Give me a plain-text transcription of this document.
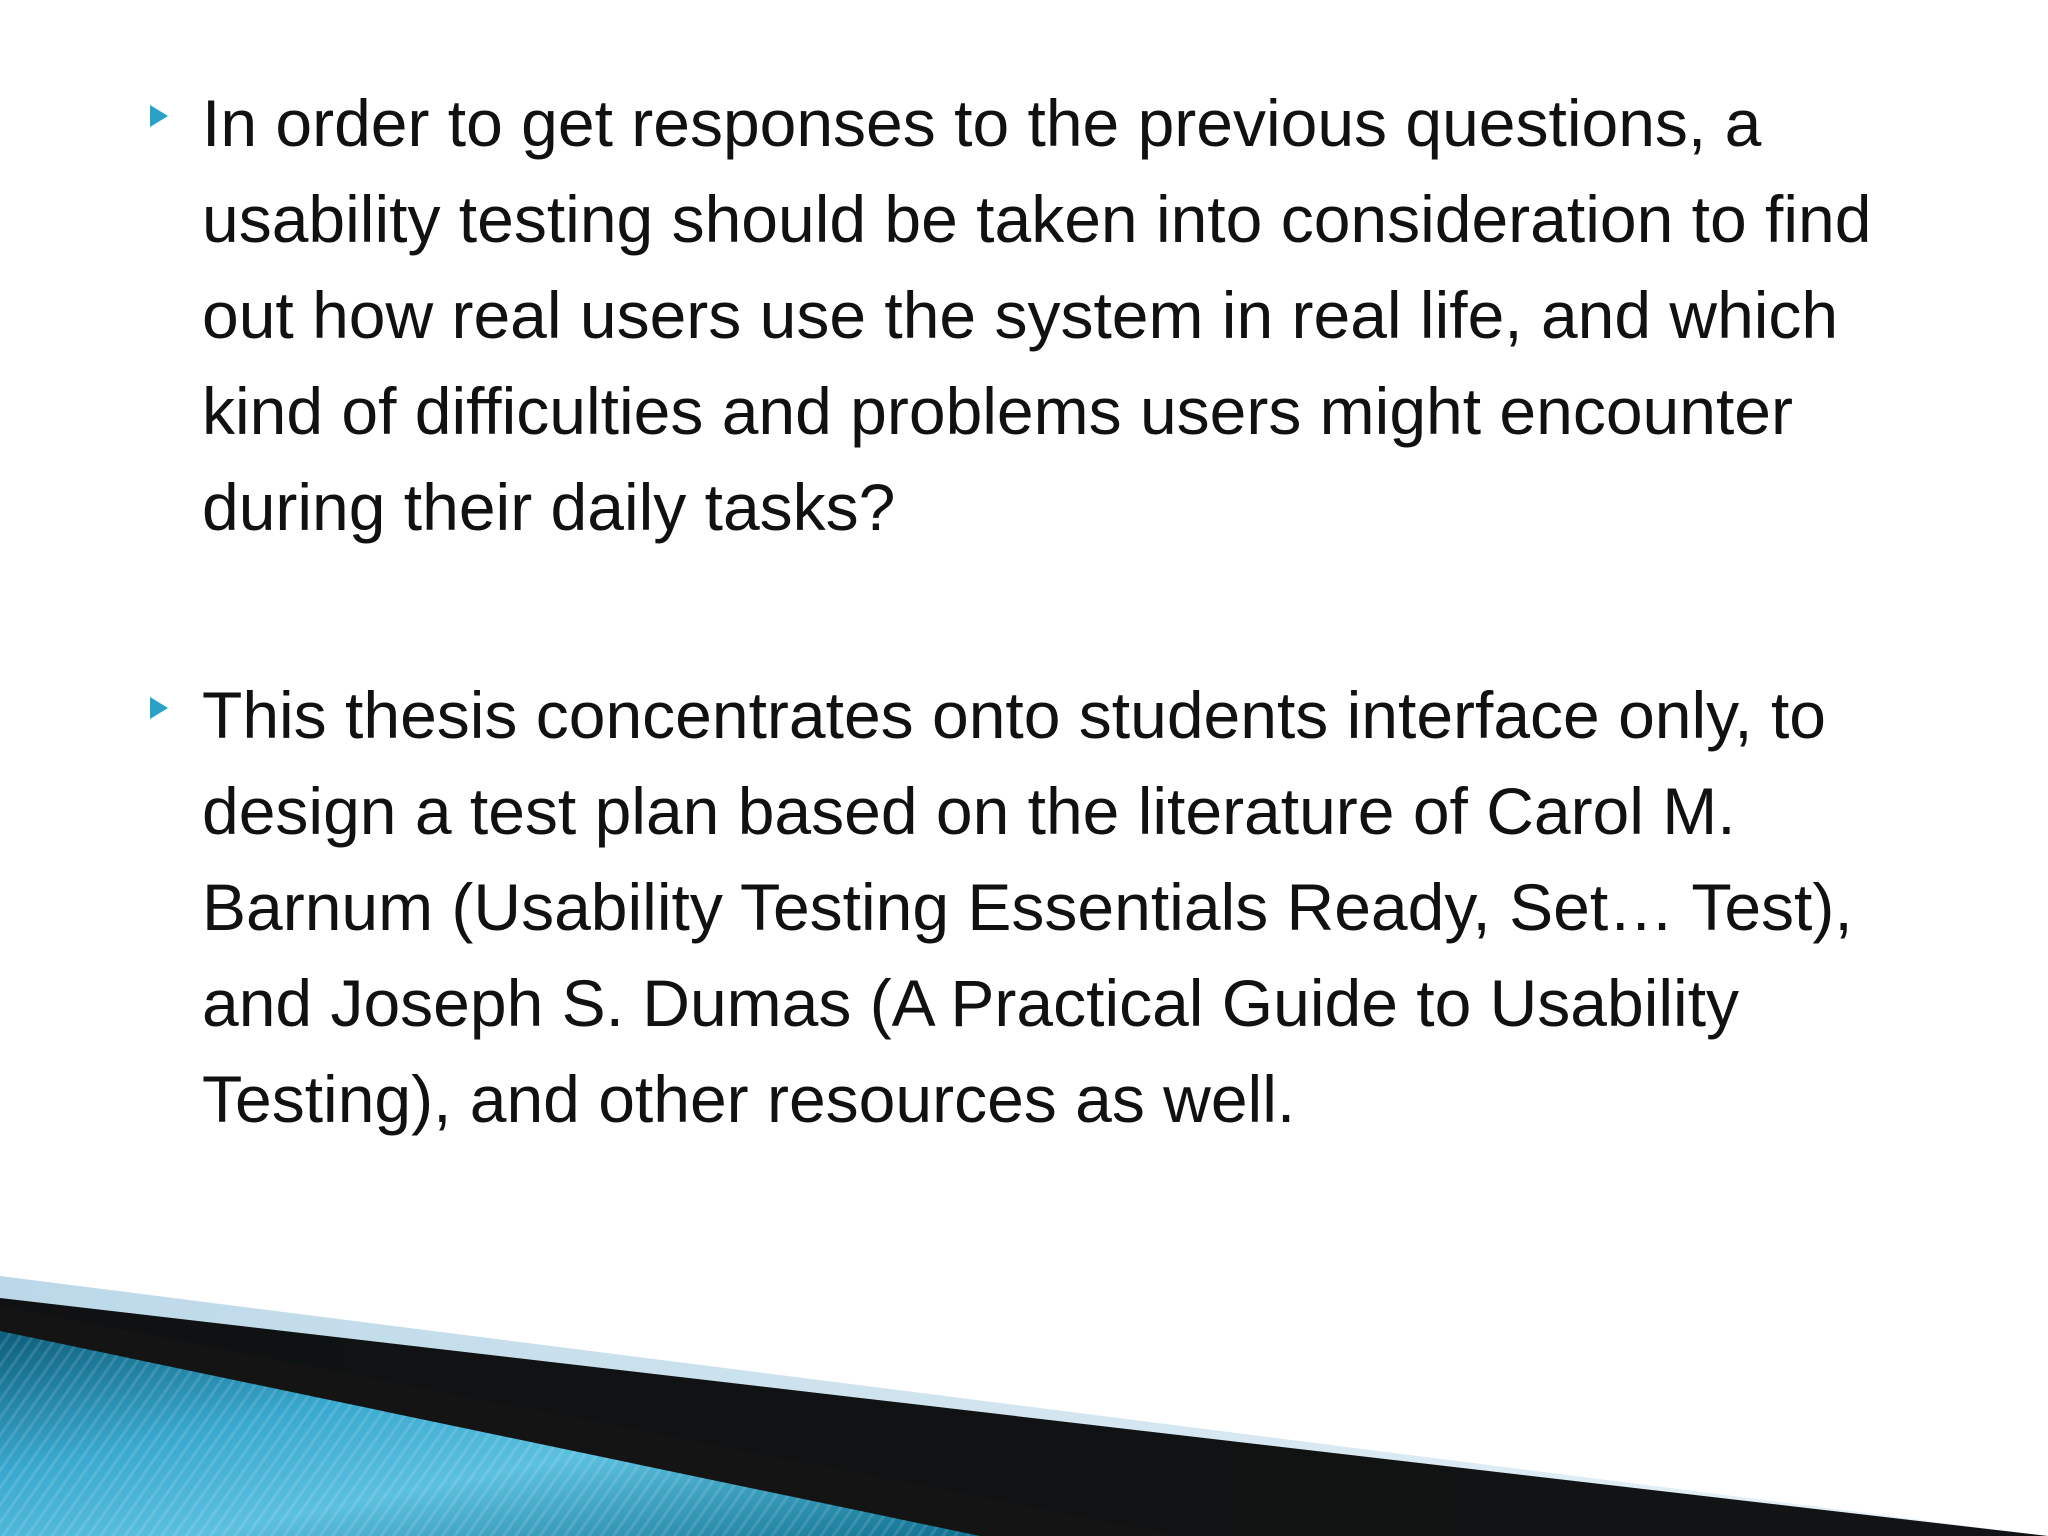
In order to get responses to the previous questions, a usability testing should be taken into consideration to find out how real users use the system in real life, and which kind of difficulties and problems users might encounter during their daily tasks?
This thesis concentrates onto students interface only, to design a test plan based on the literature of Carol M. Barnum (Usability Testing Essentials Ready, Set… Test), and Joseph S. Dumas (A Practical Guide to Usability Testing), and other resources as well.
